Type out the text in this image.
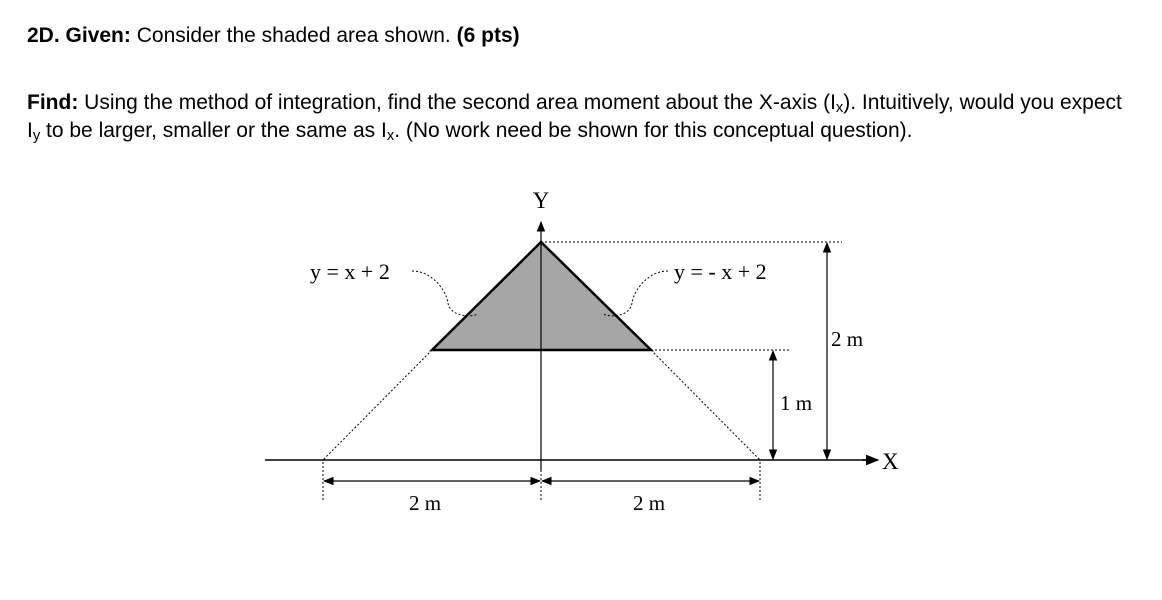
2D. Given: Consider the shaded area shown. (6 pts)
Find: Using the method of integration, find the second area moment about the X-axis $(I_x)$. Intuitively, would you expect $I_y$ to be larger, smaller or the same as $I_x$. (No work need be shown for this conceptual question).
Y
X
y = x + 2	y = - x + 2
2 m
1 m
2 m	2 m
